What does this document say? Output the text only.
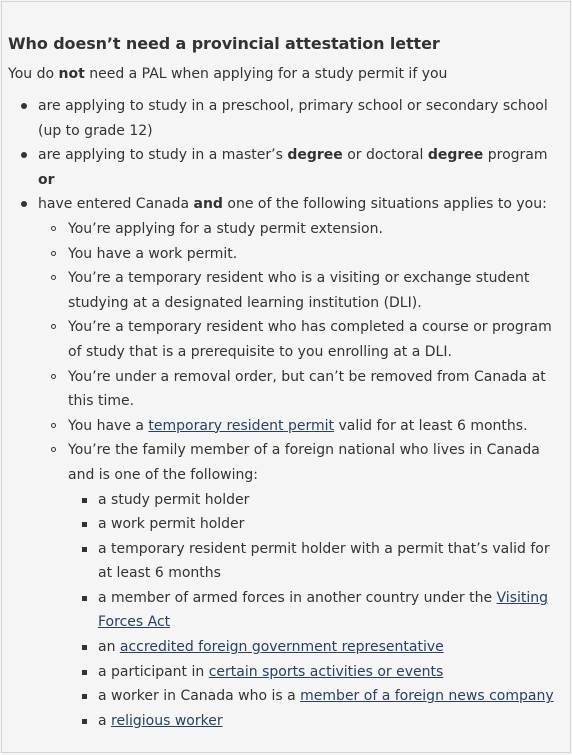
Who doesn’t need a provincial attestation letter

You do not need a PAL when applying for a study permit if you

are applying to study in a preschool, primary school or secondary school (up to grade 12)
are applying to study in a master’s degree or doctoral degree program
or
have entered Canada and one of the following situations applies to you:
You’re applying for a study permit extension.
You have a work permit.
You’re a temporary resident who is a visiting or exchange student studying at a designated learning institution (DLI).
You’re a temporary resident who has completed a course or program of study that is a prerequisite to you enrolling at a DLI.
You’re under a removal order, but can’t be removed from Canada at this time.
You have a temporary resident permit valid for at least 6 months.
You’re the family member of a foreign national who lives in Canada and is one of the following:
a study permit holder
a work permit holder
a temporary resident permit holder with a permit that’s valid for at least 6 months
a member of armed forces in another country under the Visiting Forces Act
an accredited foreign government representative
a participant in certain sports activities or events
a worker in Canada who is a member of a foreign news company
a religious worker
